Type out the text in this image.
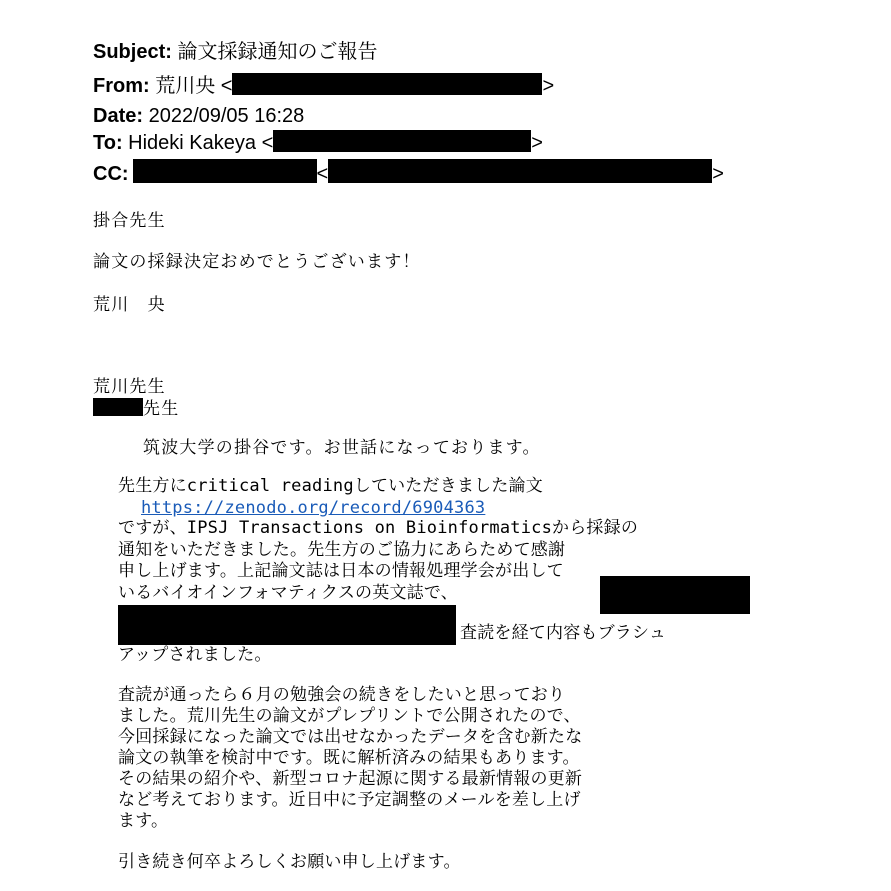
Subject: 論文採録通知のご報告
From: 荒川央 <	>
Date: 2022/09/05 16:28
To: Hideki Kakeya <	>
CC:	<	>
掛合先生
論文の採録決定おめでとうございます！
荒川　央
荒川先生
先生
筑波大学の掛谷です。お世話になっております。
先生方にcritical readingしていただきました論文
https://zenodo.org/record/6904363
ですが、IPSJ Transactions on Bioinformaticsから採録の
通知をいただきました。先生方のご協力にあらためて感謝
申し上げます。上記論文誌は日本の情報処理学会が出して
いるバイオインフォマティクスの英文誌で、
査読を経て内容もブラシュ
アップされました。
査読が通ったら６月の勉強会の続きをしたいと思っており
ました。荒川先生の論文がプレプリントで公開されたので、
今回採録になった論文では出せなかったデータを含む新たな
論文の執筆を検討中です。既に解析済みの結果もあります。
その結果の紹介や、新型コロナ起源に関する最新情報の更新
など考えております。近日中に予定調整のメールを差し上げ
ます。
引き続き何卒よろしくお願い申し上げます。
